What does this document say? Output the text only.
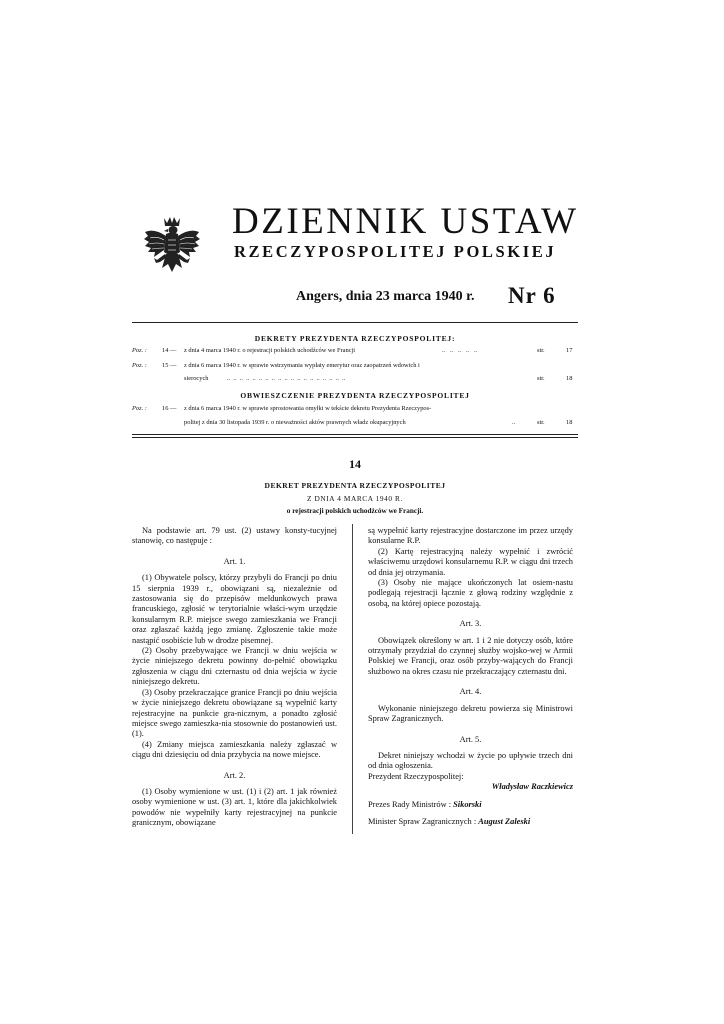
DZIENNIK USTAW
RZECZYPOSPOLITEJ POLSKIEJ
Angers, dnia 23 marca 1940 r. Nr 6
DEKRETY PREZYDENTA RZECZYPOSPOLITEJ:
Poz. : 14 — z dnia 4 marca 1940 r. o rejestracji polskich uchodźców we Francji	..   ..   ..   ..   ..	str.	17
Poz. : 15 — z dnia 6 marca 1940 r. w sprawie wstrzymania wypłaty emerytur oraz zaopatrzeń wdowich i
sierocych	..  ..  ..  ..  ..  ..  ..  ..  ..  ..  ..  ..  ..  ..  ..  ..  ..  ..  ..	str.	18
OBWIESZCZENIE PREZYDENTA RZECZYPOSPOLITEJ
Poz. : 16 — z dnia 6 marca 1940 r. w sprawie sprostowania omyłki w tekście dekretu Prezydenta Rzeczypos-
politej z dnia 30 listopada 1939 r. o nieważności aktów prawnych władz okupacyjnych	..	str.	18
14
DEKRET PREZYDENTA RZECZYPOSPOLITEJ
Z DNIA 4 MARCA 1940 R.
o rejestracji polskich uchodźców we Francji.

Na podstawie art. 79 ust. (2) ustawy konsty-tucyjnej stanowię, co następuje :

Art. 1.

(1) Obywatele polscy, którzy przybyli do Francji po dniu 15 sierpnia 1939 r., obowiązani są, niezależnie od zastosowania się do przepisów meldunkowych prawa francuskiego, zgłosić w terytorialnie właści-wym urzędzie konsularnym R.P. miejsce swego zamieszkania we Francji oraz zgłaszać każdą jego zmianę. Zgłoszenie takie może nastąpić osobiście lub w drodze pisemnej.

(2) Osoby przebywające we Francji w dniu wejścia w życie niniejszego dekretu powinny do-pełnić obowiązku zgłoszenia w ciągu dni czternastu od dnia wejścia w życie niniejszego dekretu.

(3) Osoby przekraczające granice Francji po dniu wejścia w życie niniejszego dekretu obowiązane są wypełnić karty rejestracyjne na punkcie gra-nicznym, a ponadto zgłosić miejsce swego zamieszka-nia stosownie do postanowień ust. (1).

(4) Zmiany miejsca zamieszkania należy zgłaszać w ciągu dni dziesięciu od dnia przybycia na nowe miejsce.

Art. 2.

(1) Osoby wymienione w ust. (1) i (2) art. 1 jak również osoby wymienione w ust. (3) art. 1, które dla jakichkolwiek powodów nie wypełniły karty rejestracyjnej na punkcie granicznym, obowiązane

są wypełnić karty rejestracyjne dostarczone im przez urzędy konsularne R.P.

(2) Kartę rejestracyjną należy wypełnić i zwrócić właściwemu urzędowi konsularnemu R.P. w ciągu dni trzech od dnia jej otrzymania.

(3) Osoby nie mające ukończonych lat osiem-nastu podlegają rejestracji łącznie z głową rodziny względnie z osobą, na której opiece pozostają.

Art. 3.

Obowiązek określony w art. 1 i 2 nie dotyczy osób, które otrzymały przydział do czynnej służby wojsko-wej w Armii Polskiej we Francji, oraz osób przyby-wających do Francji służbowo na okres czasu nie przekraczający czternastu dni.

Art. 4.

Wykonanie niniejszego dekretu powierza się Ministrowi Spraw Zagranicznych.

Art. 5.

Dekret niniejszy wchodzi w życie po upływie trzech dni od dnia ogłoszenia.

Prezydent Rzeczypospolitej:

Władysław Raczkiewicz

Prezes Rady Ministrów : Sikorski

Minister Spraw Zagranicznych : August Zaleski
